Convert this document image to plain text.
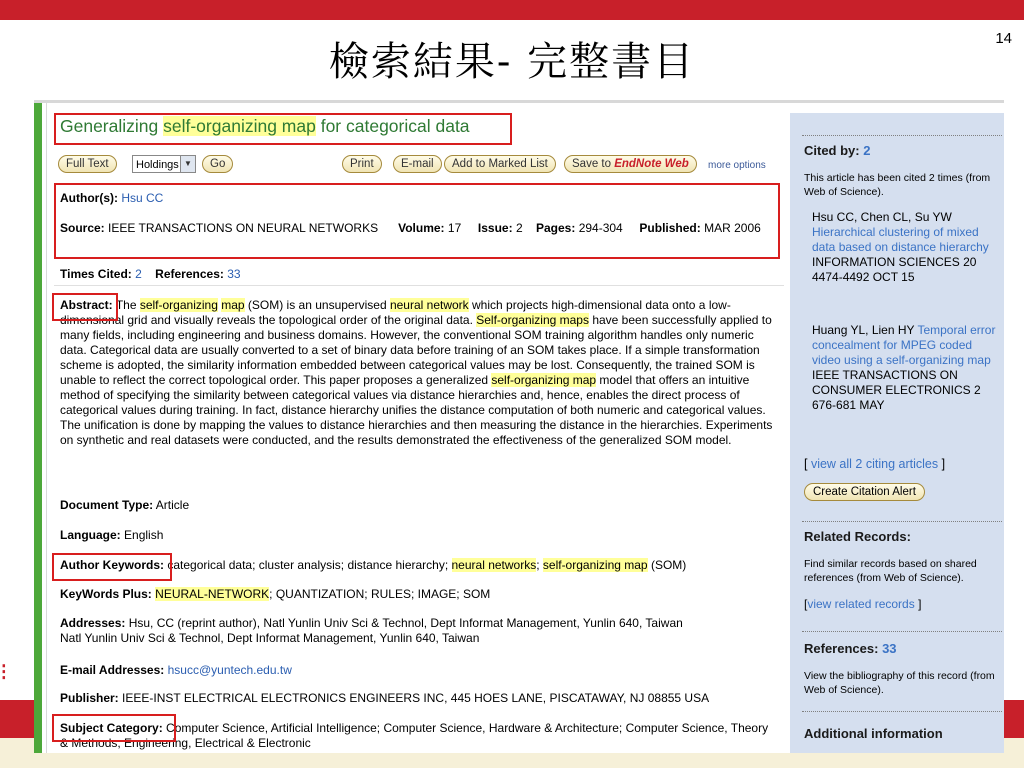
檢索結果- 完整書目
14
⁝
Generalizing self-organizing map for categorical data
Full Text	Holdings ▼	Go	Print	E-mail	Add to Marked List	Save to EndNote Web	more options
Author(s): Hsu CC
Source: IEEE TRANSACTIONS ON NEURAL NETWORKS Volume: 17 Issue: 2 Pages: 294-304 Published: MAR 2006
Times Cited: 2 References: 33
Abstract: The self-organizing map (SOM) is an unsupervised neural network which projects high-dimensional data onto a low-dimensional grid and visually reveals the topological order of the original data. Self-organizing maps have been successfully applied to many fields, including engineering and business domains. However, the conventional SOM training algorithm handles only numeric data. Categorical data are usually converted to a set of binary data before training of an SOM takes place. If a simple transformation scheme is adopted, the similarity information embedded between categorical values may be lost. Consequently, the trained SOM is unable to reflect the correct topological order. This paper proposes a generalized self-organizing map model that offers an intuitive method of specifying the similarity between categorical values via distance hierarchies and, hence, enables the direct process of categorical values during training. In fact, distance hierarchy unifies the distance computation of both numeric and categorical values. The unification is done by mapping the values to distance hierarchies and then measuring the distance in the hierarchies. Experiments on synthetic and real datasets were conducted, and the results demonstrated the effectiveness of the generalized SOM model.
Document Type: Article
Language: English
Author Keywords: categorical data; cluster analysis; distance hierarchy; neural networks; self-organizing map (SOM)
KeyWords Plus: NEURAL-NETWORK; QUANTIZATION; RULES; IMAGE; SOM
Addresses: Hsu, CC (reprint author), Natl Yunlin Univ Sci & Technol, Dept Informat Management, Yunlin 640, Taiwan
Natl Yunlin Univ Sci & Technol, Dept Informat Management, Yunlin 640, Taiwan
E-mail Addresses: hsucc@yuntech.edu.tw
Publisher: IEEE-INST ELECTRICAL ELECTRONICS ENGINEERS INC, 445 HOES LANE, PISCATAWAY, NJ 08855 USA
Subject Category: Computer Science, Artificial Intelligence; Computer Science, Hardware & Architecture; Computer Science, Theory & Methods; Engineering, Electrical & Electronic
Cited by: 2
This article has been cited 2 times (from Web of Science).
Hsu CC, Chen CL, Su YW Hierarchical clustering of mixed data based on distance hierarchy INFORMATION SCIENCES 20 4474-4492 OCT 15
Huang YL, Lien HY Temporal error concealment for MPEG coded video using a self-organizing map IEEE TRANSACTIONS ON CONSUMER ELECTRONICS 2 676-681 MAY
[ view all 2 citing articles ]
Create Citation Alert
Related Records:
Find similar records based on shared references (from Web of Science).
[view related records ]
References: 33
View the bibliography of this record (from Web of Science).
Additional information
